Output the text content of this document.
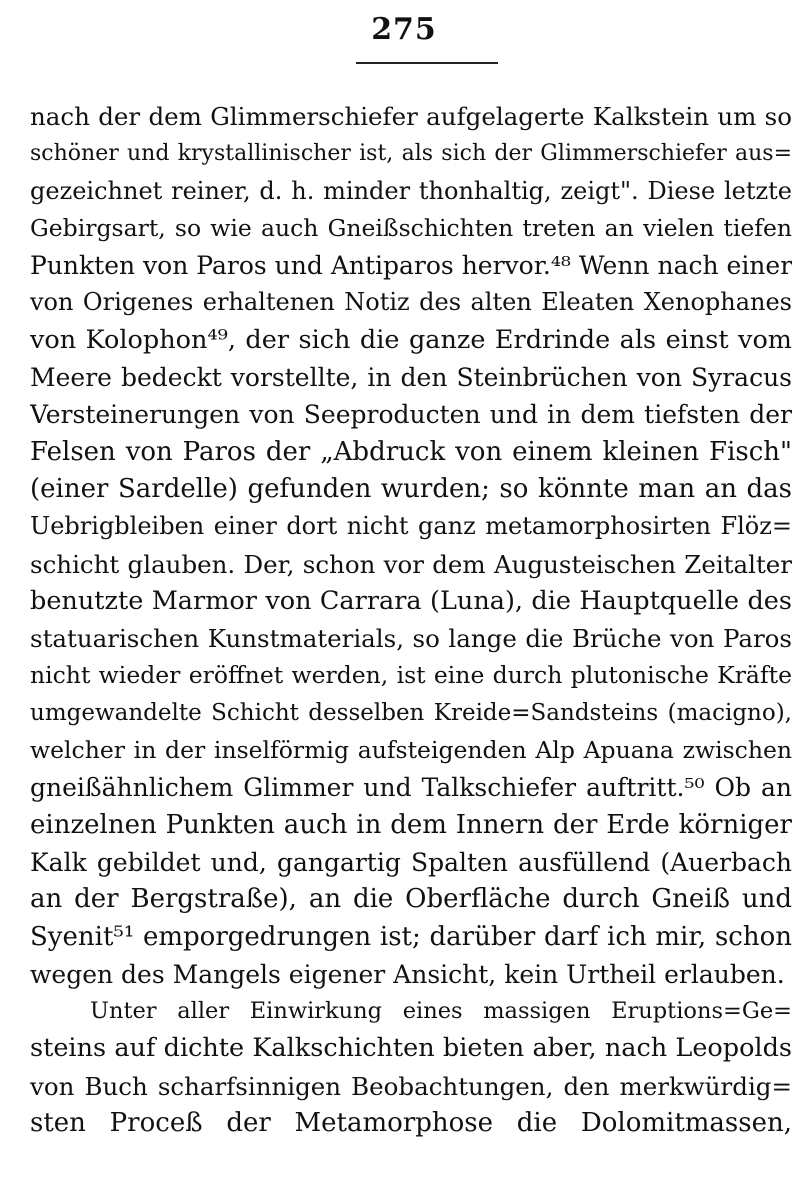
275
nach der dem Glimmerschiefer aufgelagerte Kalkstein um so
schöner und krystallinischer ist, als sich der Glimmerschiefer aus=
gezeichnet reiner, d. h. minder thonhaltig, zeigt". Diese letzte
Gebirgsart, so wie auch Gneißschichten treten an vielen tiefen
Punkten von Paros und Antiparos hervor.⁴⁸ Wenn nach einer
von Origenes erhaltenen Notiz des alten Eleaten Xenophanes
von Kolophon⁴⁹, der sich die ganze Erdrinde als einst vom
Meere bedeckt vorstellte, in den Steinbrüchen von Syracus
Versteinerungen von Seeproducten und in dem tiefsten der
Felsen von Paros der „Abdruck von einem kleinen Fisch"
(einer Sardelle) gefunden wurden; so könnte man an das
Uebrigbleiben einer dort nicht ganz metamorphosirten Flöz=
schicht glauben. Der, schon vor dem Augusteischen Zeitalter
benutzte Marmor von Carrara (Luna), die Hauptquelle des
statuarischen Kunstmaterials, so lange die Brüche von Paros
nicht wieder eröffnet werden, ist eine durch plutonische Kräfte
umgewandelte Schicht desselben Kreide=Sandsteins (macigno),
welcher in der inselförmig aufsteigenden Alp Apuana zwischen
gneißähnlichem Glimmer und Talkschiefer auftritt.⁵⁰ Ob an
einzelnen Punkten auch in dem Innern der Erde körniger
Kalk gebildet und, gangartig Spalten ausfüllend (Auerbach
an der Bergstraße), an die Oberfläche durch Gneiß und
Syenit⁵¹ emporgedrungen ist; darüber darf ich mir, schon
wegen des Mangels eigener Ansicht, kein Urtheil erlauben.
Unter aller Einwirkung eines massigen Eruptions=Ge=
steins auf dichte Kalkschichten bieten aber, nach Leopolds
von Buch scharfsinnigen Beobachtungen, den merkwürdig=
sten Proceß der Metamorphose die Dolomitmassen,
